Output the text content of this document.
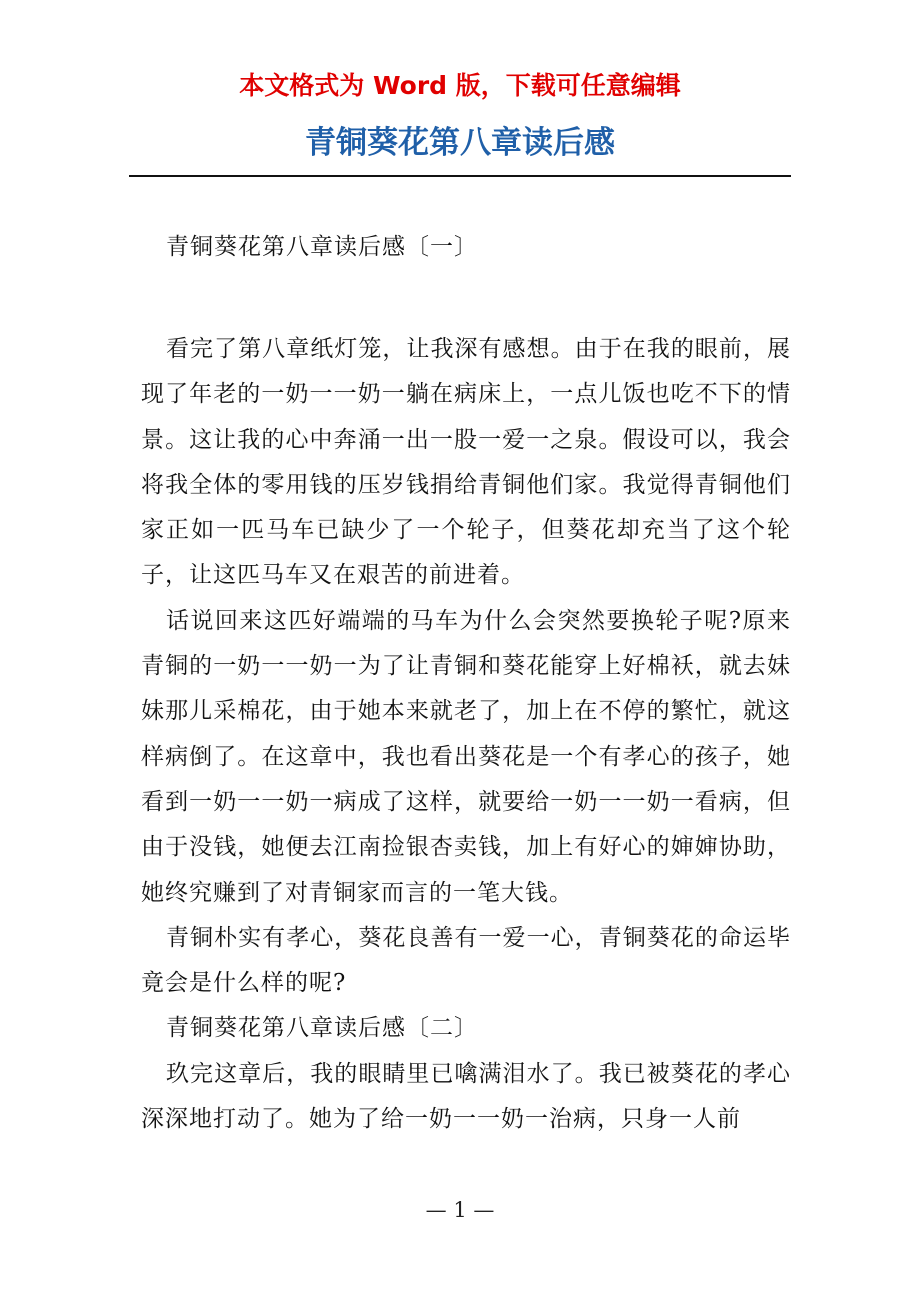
本文格式为 Word 版，下载可任意编辑
青铜葵花第八章读后感

青铜葵花第八章读后感〔一〕

看完了第八章纸灯笼，让我深有感想。由于在我的眼前，展现了年老的一奶一一奶一躺在病床上，一点儿饭也吃不下的情景。这让我的心中奔涌一出一股一爱一之泉。假设可以，我会将我全体的零用钱的压岁钱捐给青铜他们家。我觉得青铜他们家正如一匹马车已缺少了一个轮子，但葵花却充当了这个轮子，让这匹马车又在艰苦的前进着。

话说回来这匹好端端的马车为什么会突然要换轮子呢?原来青铜的一奶一一奶一为了让青铜和葵花能穿上好棉袄，就去妹妹那儿采棉花，由于她本来就老了，加上在不停的繁忙，就这样病倒了。在这章中，我也看出葵花是一个有孝心的孩子，她看到一奶一一奶一病成了这样，就要给一奶一一奶一看病，但由于没钱，她便去江南捡银杏卖钱，加上有好心的婶婶协助，她终究赚到了对青铜家而言的一笔大钱。

青铜朴实有孝心，葵花良善有一爱一心，青铜葵花的命运毕竟会是什么样的呢?

青铜葵花第八章读后感〔二〕

玖完这章后，我的眼睛里已噙满泪水了。我已被葵花的孝心深深地打动了。她为了给一奶一一奶一治病，只身一人前

— 1 —
